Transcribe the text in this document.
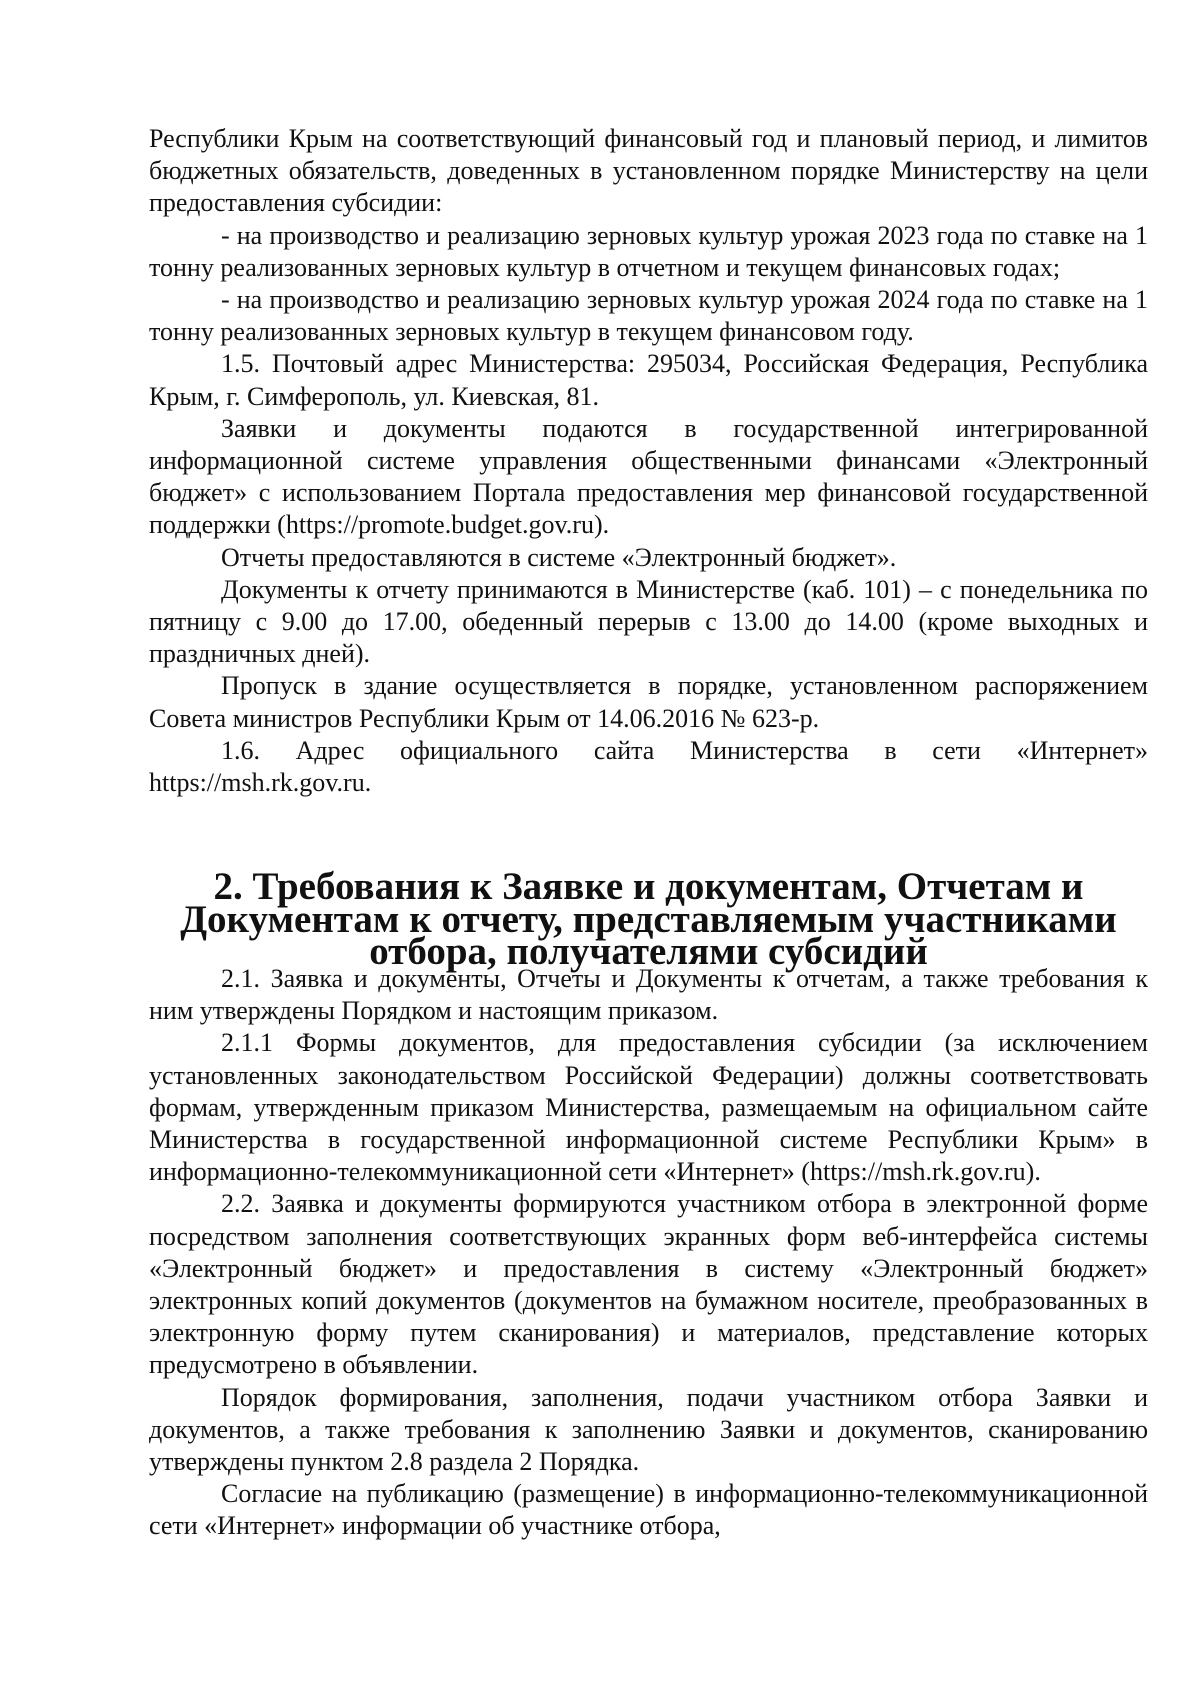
Республики Крым на соответствующий финансовый год и плановый период, и лимитов бюджетных обязательств, доведенных в установленном порядке Министерству на цели предоставления субсидии:

- на производство и реализацию зерновых культур урожая 2023 года по ставке на 1 тонну реализованных зерновых культур в отчетном и текущем финансовых годах;

- на производство и реализацию зерновых культур урожая 2024 года по ставке на 1 тонну реализованных зерновых культур в текущем финансовом году.

1.5. Почтовый адрес Министерства: 295034, Российская Федерация, Республика Крым, г. Симферополь, ул. Киевская, 81.

Заявки и документы подаются в государственной интегрированной информационной системе управления общественными финансами «Электронный бюджет» с использованием Портала предоставления мер финансовой государственной поддержки (https://promote.budget.gov.ru).

Отчеты предоставляются в системе «Электронный бюджет».

Документы к отчету принимаются в Министерстве (каб. 101) – с понедельника по пятницу с 9.00 до 17.00, обеденный перерыв с 13.00 до 14.00 (кроме выходных и праздничных дней).

Пропуск в здание осуществляется в порядке, установленном распоряжением Совета министров Республики Крым от 14.06.2016 № 623-р.

1.6. Адрес официального сайта Министерства в сети «Интернет» https://msh.rk.gov.ru.

2. Требования к Заявке и документам, Отчетам и Документам к отчету, представляемым участниками отбора, получателями субсидий

2.1. Заявка и документы, Отчеты и Документы к отчетам, а также требования к ним утверждены Порядком и настоящим приказом.

2.1.1 Формы документов, для предоставления субсидии (за исключением установленных законодательством Российской Федерации) должны соответствовать формам, утвержденным приказом Министерства, размещаемым на официальном сайте Министерства в государственной информационной системе Республики Крым» в информационно-телекоммуникационной сети «Интернет» (https://msh.rk.gov.ru).

2.2. Заявка и документы формируются участником отбора в электронной форме посредством заполнения соответствующих экранных форм веб-интерфейса системы «Электронный бюджет» и предоставления в систему «Электронный бюджет» электронных копий документов (документов на бумажном носителе, преобразованных в электронную форму путем сканирования) и материалов, представление которых предусмотрено в объявлении.

Порядок формирования, заполнения, подачи участником отбора Заявки и документов, а также требования к заполнению Заявки и документов, сканированию утверждены пунктом 2.8 раздела 2 Порядка.

Согласие на публикацию (размещение) в информационно-телекоммуникационной сети «Интернет» информации об участнике отбора,
